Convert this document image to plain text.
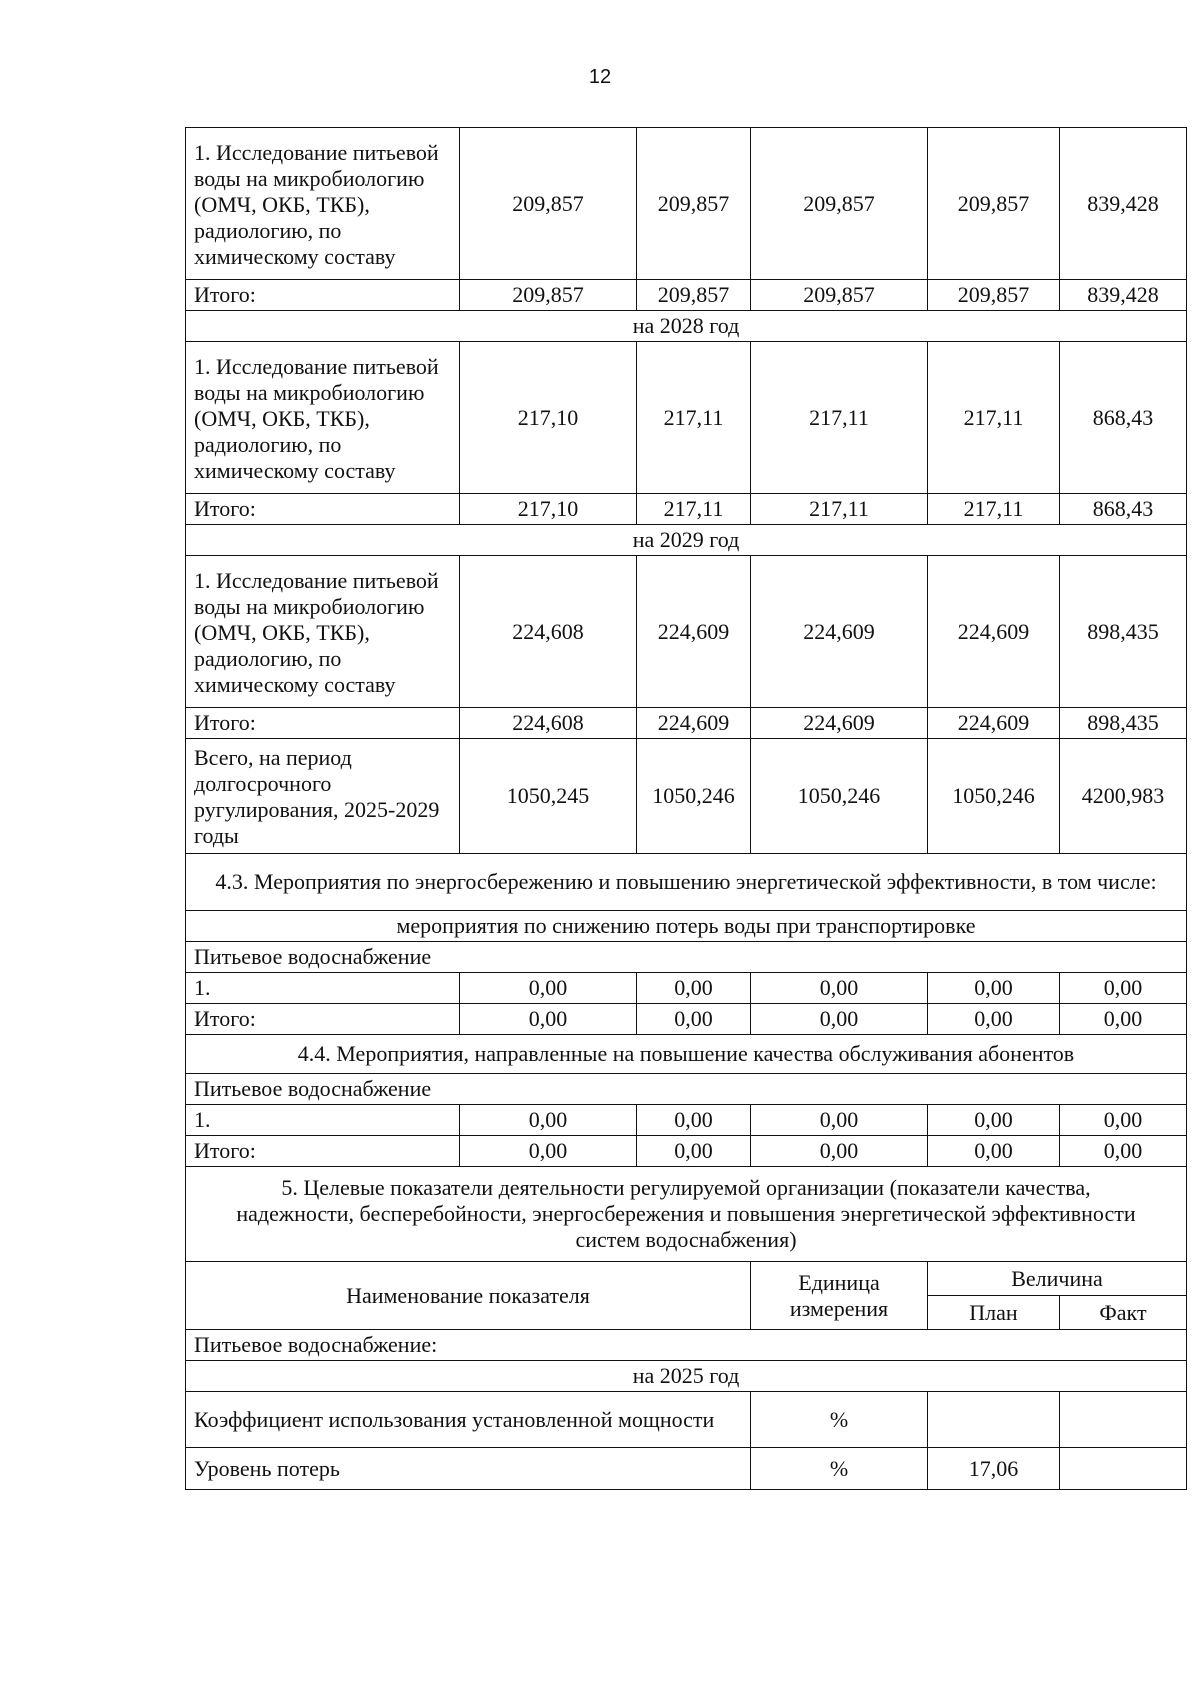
12
1. Исследование питьевой воды на микробиологию (ОМЧ, ОКБ, ТКБ), радиологию, по химическому составу	209,857	209,857	209,857	209,857	839,428
Итого:	209,857	209,857	209,857	209,857	839,428
на 2028 год					
1. Исследование питьевой воды на микробиологию (ОМЧ, ОКБ, ТКБ), радиологию, по химическому составу	217,10	217,11	217,11	217,11	868,43
Итого:	217,10	217,11	217,11	217,11	868,43
на 2029 год					
1. Исследование питьевой воды на микробиологию (ОМЧ, ОКБ, ТКБ), радиологию, по химическому составу	224,608	224,609	224,609	224,609	898,435
Итого:	224,608	224,609	224,609	224,609	898,435
Всего, на период долгосрочного ругулирования, 2025-2029 годы	1050,245	1050,246	1050,246	1050,246	4200,983
4.3. Мероприятия по энергосбережению и повышению энергетической эффективности, в том числе:					
мероприятия по снижению потерь воды при транспортировке					
Питьевое водоснабжение					
1.	0,00	0,00	0,00	0,00	0,00
Итого:	0,00	0,00	0,00	0,00	0,00
4.4. Мероприятия, направленные на повышение качества обслуживания абонентов					
Питьевое водоснабжение					
1.	0,00	0,00	0,00	0,00	0,00
Итого:	0,00	0,00	0,00	0,00	0,00
5. Целевые показатели деятельности регулируемой организации (показатели качества, надежности, бесперебойности, энергосбережения и повышения энергетической эффективности систем водоснабжения)					
Наименование показателя			Единица измерения	Величина	
				План	Факт
Питьевое водоснабжение:					
на 2025 год					
Коэффициент использования установленной мощности			%		
Уровень потерь			%	17,06	
